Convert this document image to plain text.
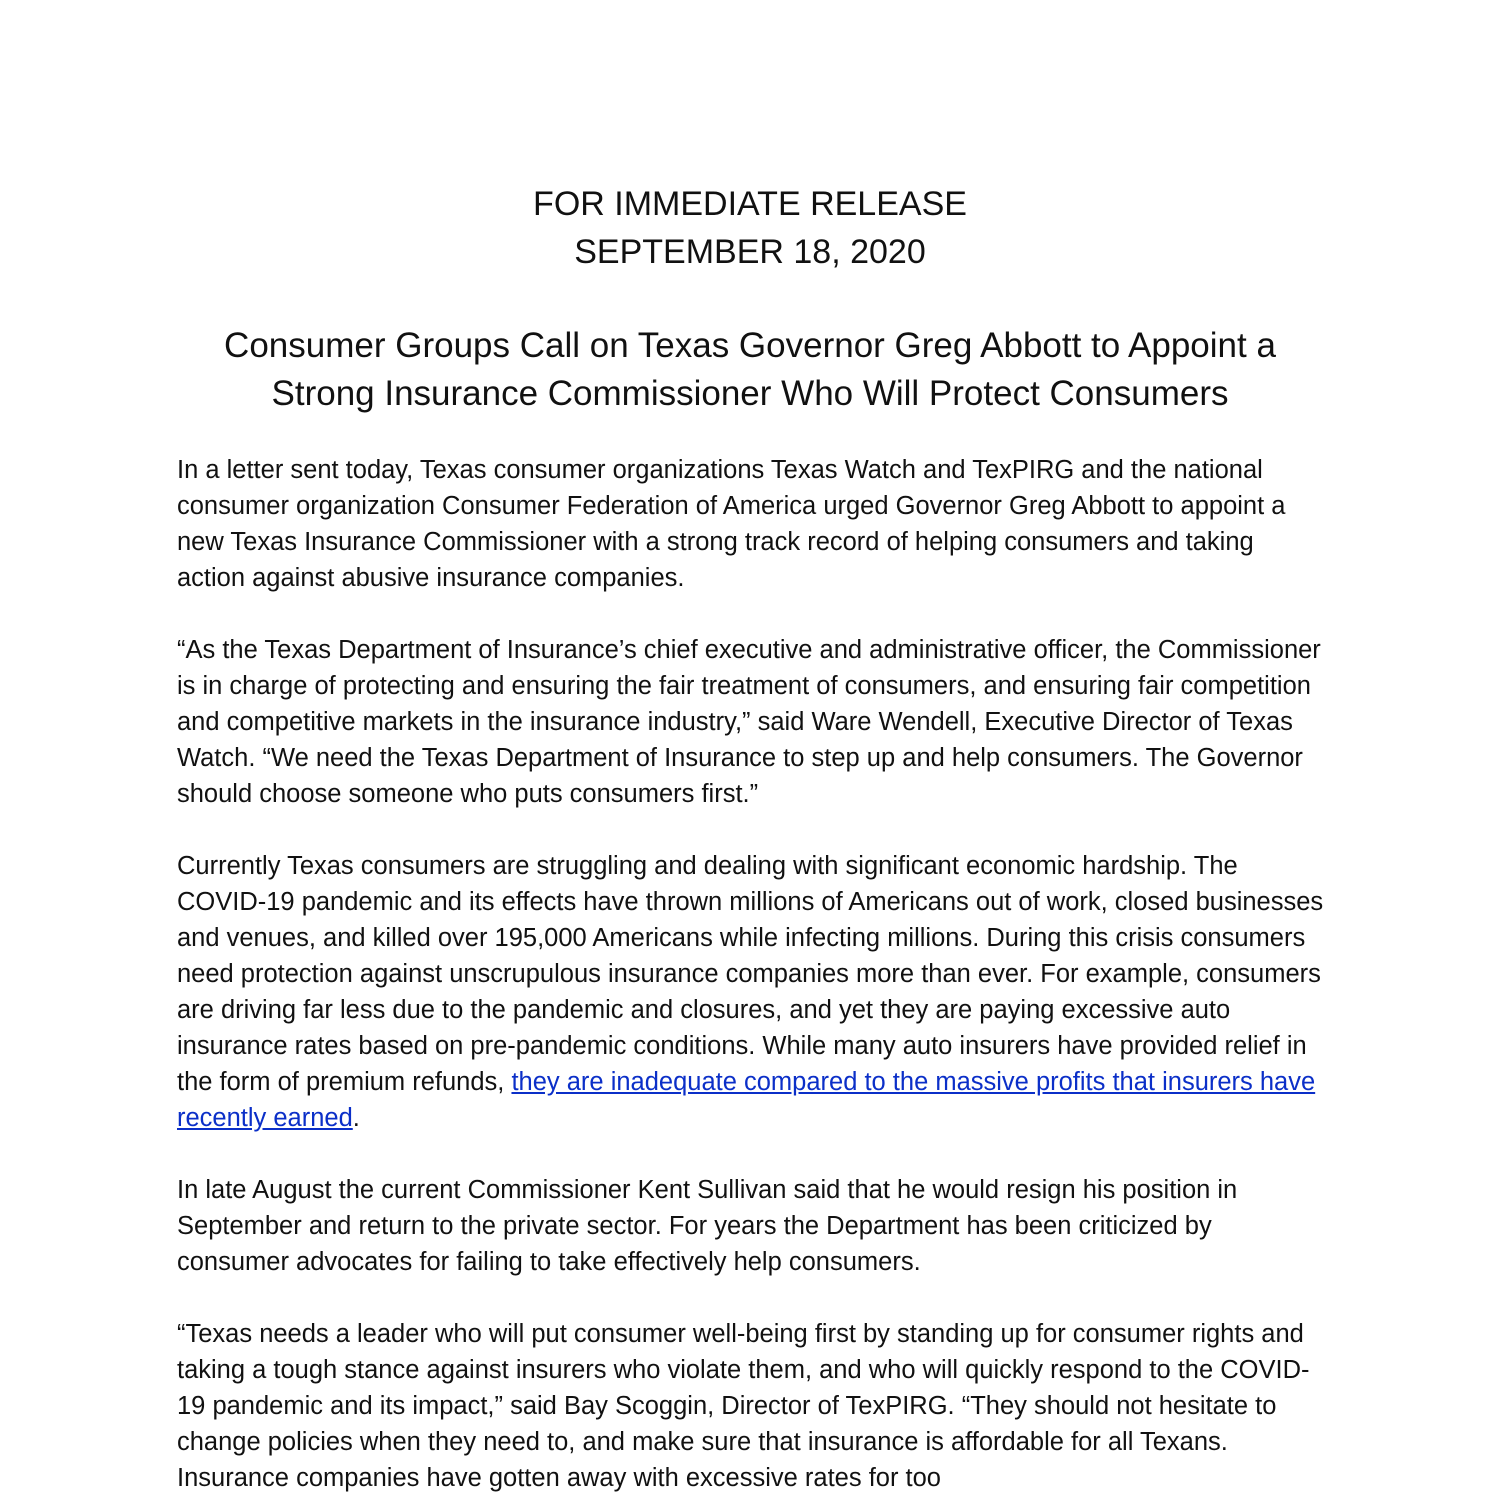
FOR IMMEDIATE RELEASE
SEPTEMBER 18, 2020
Consumer Groups Call on Texas Governor Greg Abbott to Appoint a
Strong Insurance Commissioner Who Will Protect Consumers

In a letter sent today, Texas consumer organizations Texas Watch and TexPIRG and the national consumer organization Consumer Federation of America urged Governor Greg Abbott to appoint a new Texas Insurance Commissioner with a strong track record of helping consumers and taking action against abusive insurance companies.

“As the Texas Department of Insurance’s chief executive and administrative officer, the Commissioner is in charge of protecting and ensuring the fair treatment of consumers, and ensuring fair competition and competitive markets in the insurance industry,” said Ware Wendell, Executive Director of Texas Watch. “We need the Texas Department of Insurance to step up and help consumers. The Governor should choose someone who puts consumers first.”

Currently Texas consumers are struggling and dealing with significant economic hardship. The COVID-19 pandemic and its effects have thrown millions of Americans out of work, closed businesses and venues, and killed over 195,000 Americans while infecting millions. During this crisis consumers need protection against unscrupulous insurance companies more than ever. For example, consumers are driving far less due to the pandemic and closures, and yet they are paying excessive auto insurance rates based on pre-pandemic conditions. While many auto insurers have provided relief in the form of premium refunds, they are inadequate compared to the massive profits that insurers have recently earned.

In late August the current Commissioner Kent Sullivan said that he would resign his position in September and return to the private sector. For years the Department has been criticized by consumer advocates for failing to take effectively help consumers.

“Texas needs a leader who will put consumer well-being first by standing up for consumer rights and taking a tough stance against insurers who violate them, and who will quickly respond to the COVID-19 pandemic and its impact,” said Bay Scoggin, Director of TexPIRG. “They should not hesitate to change policies when they need to, and make sure that insurance is affordable for all Texans. Insurance companies have gotten away with excessive rates for too
